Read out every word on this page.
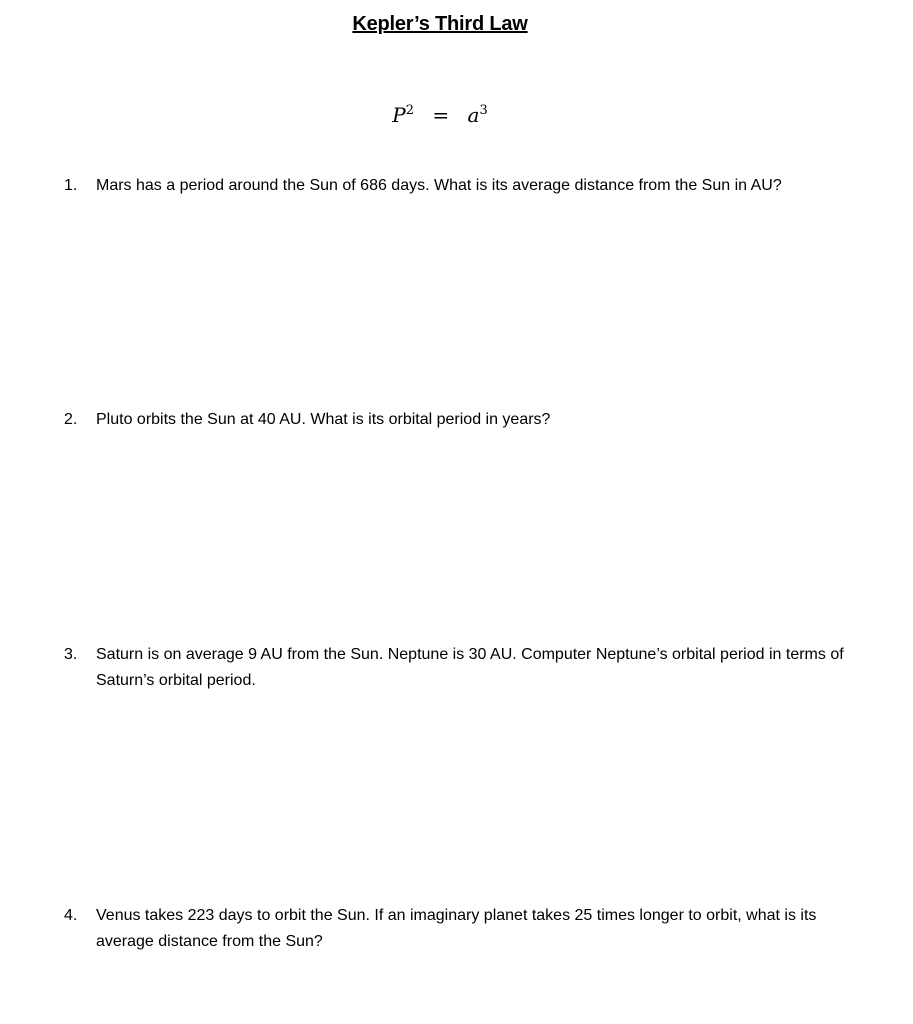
Kepler’s Third Law
$P^2 = a^3$
1. Mars has a period around the Sun of 686 days. What is its average distance from the Sun in AU?
2. Pluto orbits the Sun at 40 AU. What is its orbital period in years?
3. Saturn is on average 9 AU from the Sun. Neptune is 30 AU. Computer Neptune’s orbital period in terms of Saturn’s orbital period.
4. Venus takes 223 days to orbit the Sun. If an imaginary planet takes 25 times longer to orbit, what is its average distance from the Sun?
